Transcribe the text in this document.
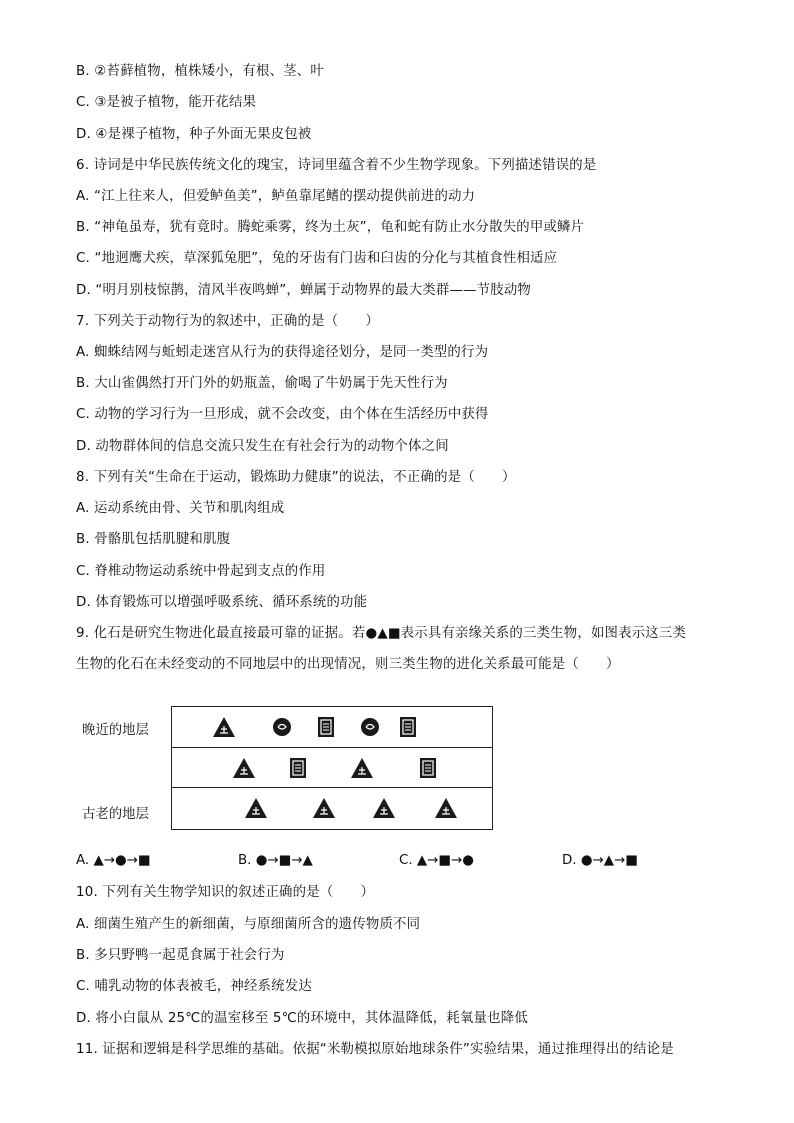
B. ②苔藓植物，植株矮小，有根、茎、叶
C. ③是被子植物，能开花结果
D. ④是裸子植物，种子外面无果皮包被
6. 诗词是中华民族传统文化的瑰宝，诗词里蕴含着不少生物学现象。下列描述错误的是
A. “江上往来人，但爱鲈鱼美”，鲈鱼靠尾鳍的摆动提供前进的动力
B. “神龟虽寿，犹有竟时。腾蛇乘雾，终为土灰”，龟和蛇有防止水分散失的甲或鳞片
C. “地迥鹰犬疾，草深狐兔肥”，兔的牙齿有门齿和臼齿的分化与其植食性相适应
D. “明月别枝惊鹊，清风半夜鸣蝉”，蝉属于动物界的最大类群——节肢动物
7. 下列关于动物行为的叙述中，正确的是（　　）
A. 蜘蛛结网与蚯蚓走迷宫从行为的获得途径划分，是同一类型的行为
B. 大山雀偶然打开门外的奶瓶盖，偷喝了牛奶属于先天性行为
C. 动物的学习行为一旦形成，就不会改变，由个体在生活经历中获得
D. 动物群体间的信息交流只发生在有社会行为的动物个体之间
8. 下列有关“生命在于运动，锻炼助力健康”的说法，不正确的是（　　）
A. 运动系统由骨、关节和肌肉组成
B. 骨骼肌包括肌腱和肌腹
C. 脊椎动物运动系统中骨起到支点的作用
D. 体育锻炼可以增强呼吸系统、循环系统的功能
9. 化石是研究生物进化最直接最可靠的证据。若●▲■表示具有亲缘关系的三类生物，如图表示这三类
生物的化石在未经变动的不同地层中的出现情况，则三类生物的进化关系最可能是（　　）
晚近的地层
古老的地层
A. ▲→●→■	B. ●→■→▲	C. ▲→■→●	D. ●→▲→■
10. 下列有关生物学知识的叙述正确的是（　　）
A. 细菌生殖产生的新细菌，与原细菌所含的遗传物质不同
B. 多只野鸭一起觅食属于社会行为
C. 哺乳动物的体表被毛，神经系统发达
D. 将小白鼠从 25℃的温室移至 5℃的环境中，其体温降低，耗氧量也降低
11. 证据和逻辑是科学思维的基础。依据“米勒模拟原始地球条件”实验结果，通过推理得出的结论是
